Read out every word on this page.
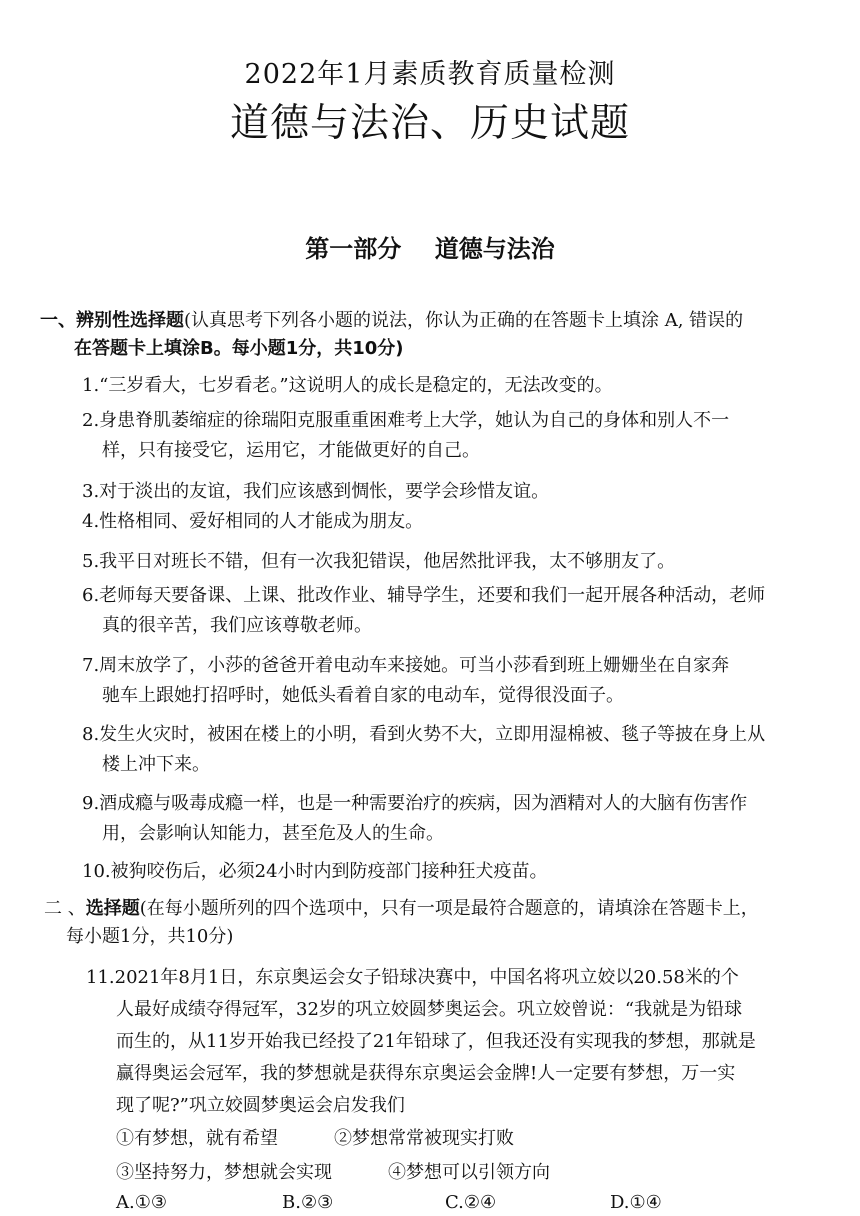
2022年1月素质教育质量检测
道德与法治、历史试题
第一部分    道德与法治
一、辨别性选择题(认真思考下列各小题的说法，你认为正确的在答题卡上填涂 A, 错误的
在答题卡上填涂B。每小题1分，共10分)
1.“三岁看大，七岁看老。”这说明人的成长是稳定的，无法改变的。
2.身患脊肌萎缩症的徐瑞阳克服重重困难考上大学，她认为自己的身体和别人不一
样，只有接受它，运用它，才能做更好的自己。
3.对于淡出的友谊，我们应该感到惆怅，要学会珍惜友谊。
4.性格相同、爱好相同的人才能成为朋友。
5.我平日对班长不错，但有一次我犯错误，他居然批评我，太不够朋友了。
6.老师每天要备课、上课、批改作业、辅导学生，还要和我们一起开展各种活动，老师
真的很辛苦，我们应该尊敬老师。
7.周末放学了，小莎的爸爸开着电动车来接她。可当小莎看到班上姗姗坐在自家奔
驰车上跟她打招呼时，她低头看着自家的电动车，觉得很没面子。
8.发生火灾时，被困在楼上的小明，看到火势不大，立即用湿棉被、毯子等披在身上从
楼上冲下来。
9.酒成瘾与吸毒成瘾一样，也是一种需要治疗的疾病，因为酒精对人的大脑有伤害作
用，会影响认知能力，甚至危及人的生命。
10.被狗咬伤后，必须24小时内到防疫部门接种狂犬疫苗。
二 、选择题(在每小题所列的四个选项中，只有一项是最符合题意的，请填涂在答题卡上，
每小题1分，共10分)
11.2021年8月1日，东京奥运会女子铅球决赛中，中国名将巩立姣以20.58米的个
人最好成绩夺得冠军，32岁的巩立姣圆梦奥运会。巩立姣曾说：“我就是为铅球
而生的，从11岁开始我已经投了21年铅球了，但我还没有实现我的梦想，那就是
赢得奥运会冠军，我的梦想就是获得东京奥运会金牌!人一定要有梦想，万一实
现了呢?”巩立姣圆梦奥运会启发我们
①有梦想，就有希望	②梦想常常被现实打败
③坚持努力，梦想就会实现	④梦想可以引领方向
A.①③	B.②③	C.②④	D.①④
